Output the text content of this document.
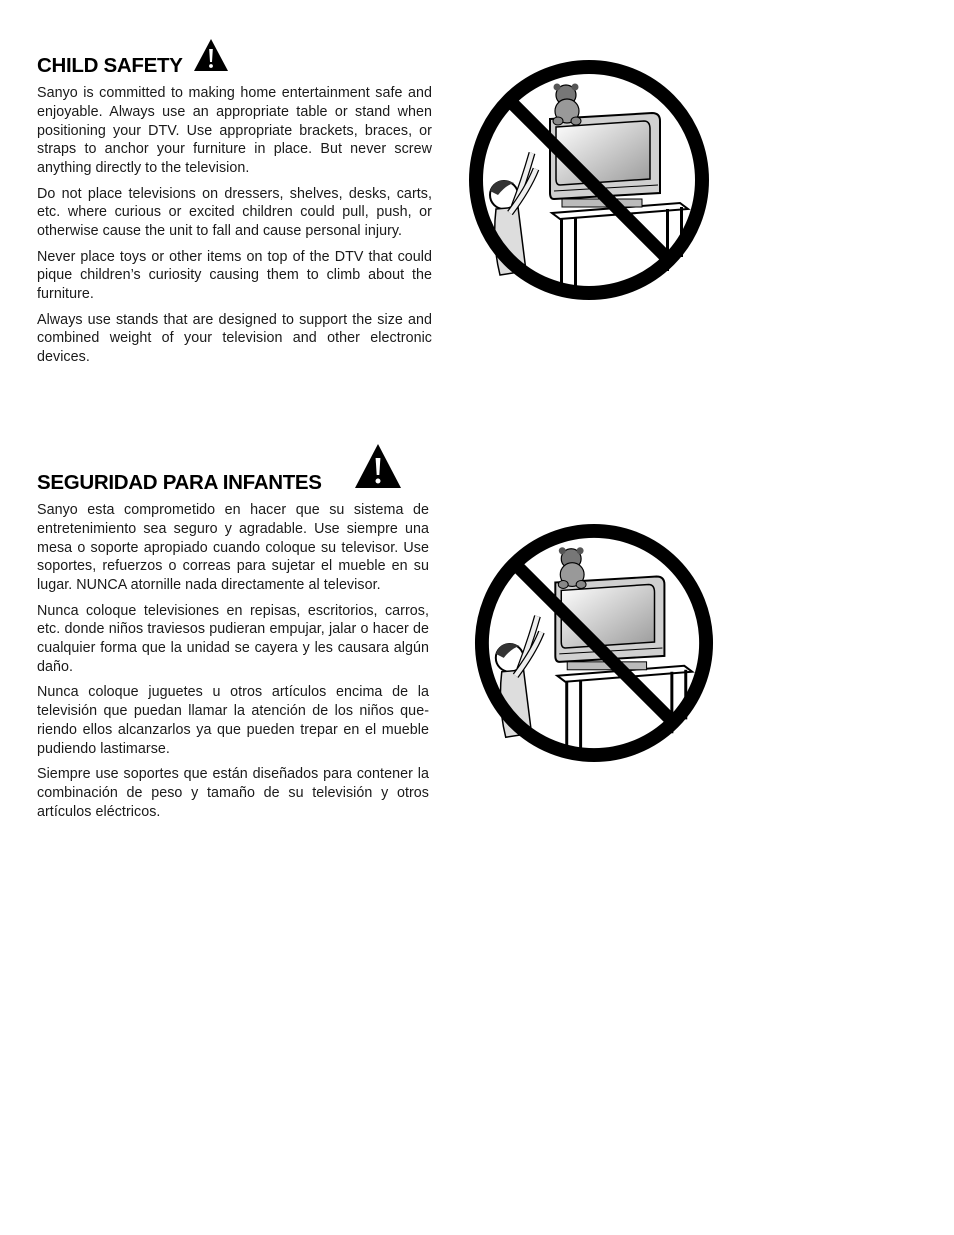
CHILD SAFETY

Sanyo is committed to making home entertainment safe and enjoyable. Always use an appropriate table or stand when positioning your DTV. Use appropriate brackets, braces, or straps to anchor your furniture in place. But never screw anything directly to the television.

Do not place televisions on dressers, shelves, desks, carts, etc. where curious or excited children could pull, push, or otherwise cause the unit to fall and cause personal injury.

Never place toys or other items on top of the DTV that could pique children’s curiosity causing them to climb about the furniture.

Always use stands that are designed to support the size and combined weight of your television and other electronic devices.

SEGURIDAD PARA INFANTES

Sanyo esta comprometido en hacer que su sistema de entretenimiento sea seguro y agradable. Use siempre una mesa o soporte apropiado cuando coloque su televisor. Use soportes, refuerzos o correas para sujetar el mueble en su lugar. NUNCA atornille nada directamente al televisor.

Nunca coloque televisiones en repisas, escritorios, carros, etc. donde niños traviesos pudieran empujar, jalar o hacer de cualquier forma que la unidad se cayera y les causara algún daño.

Nunca coloque juguetes u otros artículos encima de la televisión que puedan llamar la atención de los niños que-riendo ellos alcanzarlos ya que pueden trepar en el mueble pudiendo lastimarse.

Siempre use soportes que están diseñados para contener la combinación de peso y tamaño de su televisión y otros artículos eléctricos.
